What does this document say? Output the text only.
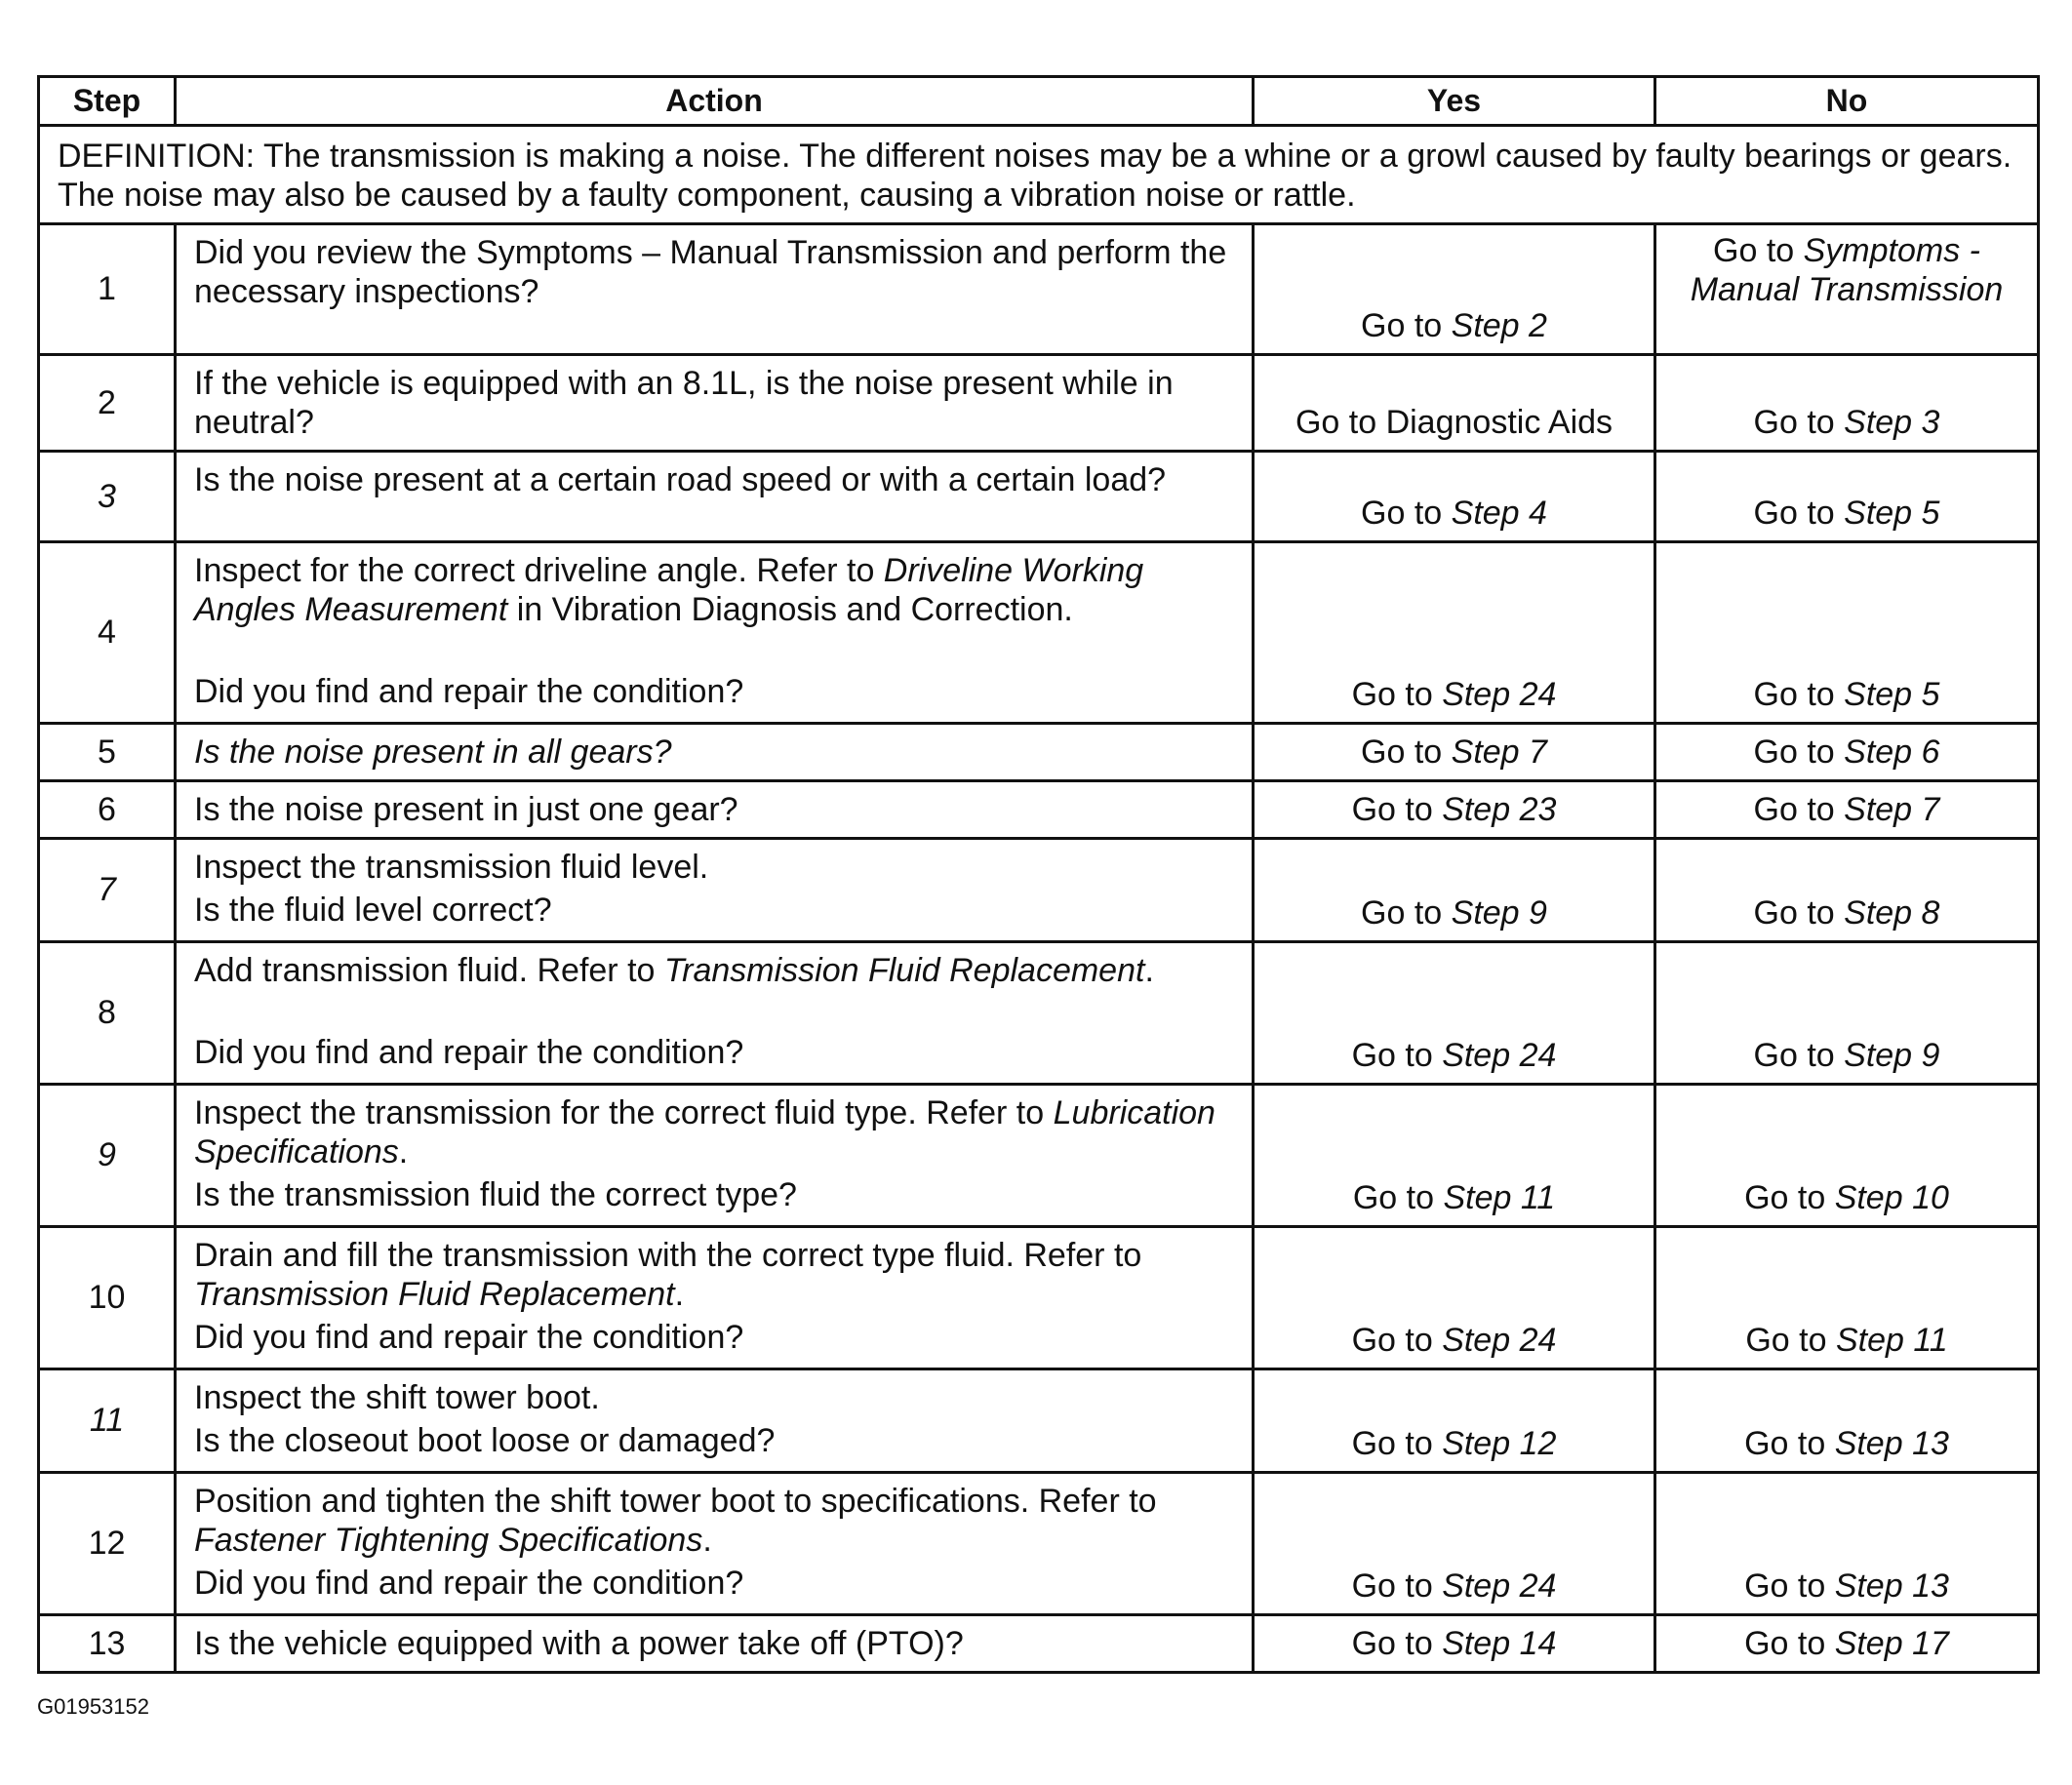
Step	Action	Yes	No
DEFINITION: The transmission is making a noise. The different noises may be a whine or a growl caused by faulty bearings or gears. The noise may also be caused by a faulty component, causing a vibration noise or rattle.			
1	Did you review the Symptoms – Manual Transmission and perform the necessary inspections?	Go to Step 2	Go to Symptoms - Manual Transmission
2	If the vehicle is equipped with an 8.1L, is the noise present while in neutral?	Go to Diagnostic Aids	Go to Step 3
3	Is the noise present at a certain road speed or with a certain load?	Go to Step 4	Go to Step 5
4	Inspect for the correct driveline angle. Refer to Driveline Working Angles Measurement in Vibration Diagnosis and Correction.
Did you find and repair the condition?	Go to Step 24	Go to Step 5
5	Is the noise present in all gears?	Go to Step 7	Go to Step 6
6	Is the noise present in just one gear?	Go to Step 23	Go to Step 7
7	Inspect the transmission fluid level.
Is the fluid level correct?	Go to Step 9	Go to Step 8
8	Add transmission fluid. Refer to Transmission Fluid Replacement.
Did you find and repair the condition?	Go to Step 24	Go to Step 9
9	Inspect the transmission for the correct fluid type. Refer to Lubrication Specifications.
Is the transmission fluid the correct type?	Go to Step 11	Go to Step 10
10	Drain and fill the transmission with the correct type fluid. Refer to Transmission Fluid Replacement.
Did you find and repair the condition?	Go to Step 24	Go to Step 11
11	Inspect the shift tower boot.
Is the closeout boot loose or damaged?	Go to Step 12	Go to Step 13
12	Position and tighten the shift tower boot to specifications. Refer to Fastener Tightening Specifications.
Did you find and repair the condition?	Go to Step 24	Go to Step 13
13	Is the vehicle equipped with a power take off (PTO)?	Go to Step 14	Go to Step 17
G01953152
